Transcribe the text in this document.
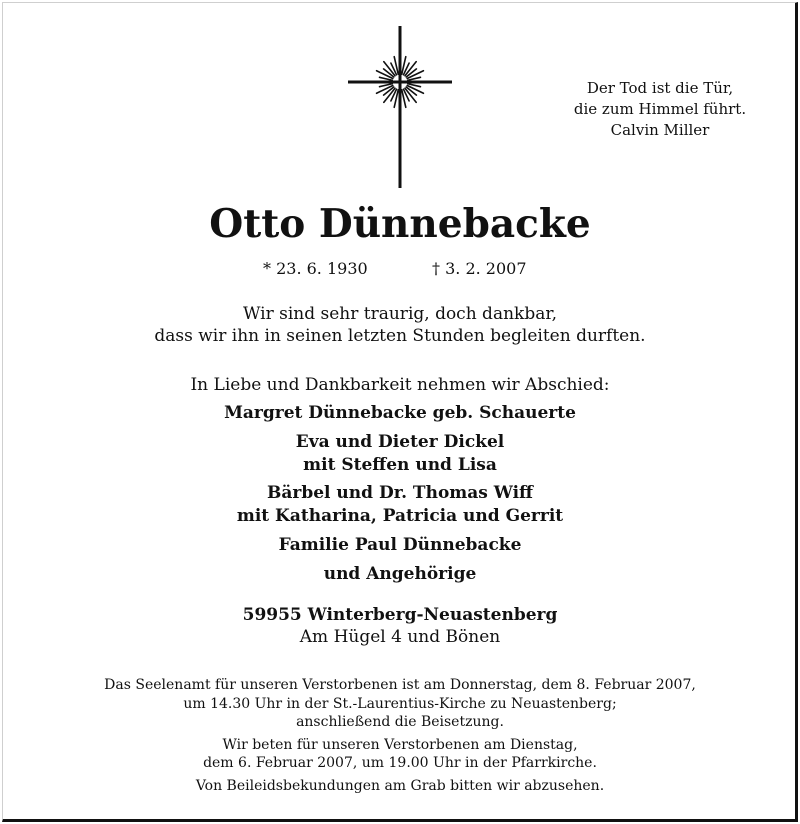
Der Tod ist die Tür,
die zum Himmel führt.
Calvin Miller
Otto Dünnebacke
* 23. 6. 1930	† 3. 2. 2007
Wir sind sehr traurig, doch dankbar,
dass wir ihn in seinen letzten Stunden begleiten durften.
In Liebe und Dankbarkeit nehmen wir Abschied:
Margret Dünnebacke geb. Schauerte
Eva und Dieter Dickel
mit Steffen und Lisa
Bärbel und Dr. Thomas Wiff
mit Katharina, Patricia und Gerrit
Familie Paul Dünnebacke
und Angehörige
59955 Winterberg-Neuastenberg
Am Hügel 4 und Bönen
Das Seelenamt für unseren Verstorbenen ist am Donnerstag, dem 8. Februar 2007,
um 14.30 Uhr in der St.-Laurentius-Kirche zu Neuastenberg;
anschließend die Beisetzung.
Wir beten für unseren Verstorbenen am Dienstag,
dem 6. Februar 2007, um 19.00 Uhr in der Pfarrkirche.
Von Beileidsbekundungen am Grab bitten wir abzusehen.
